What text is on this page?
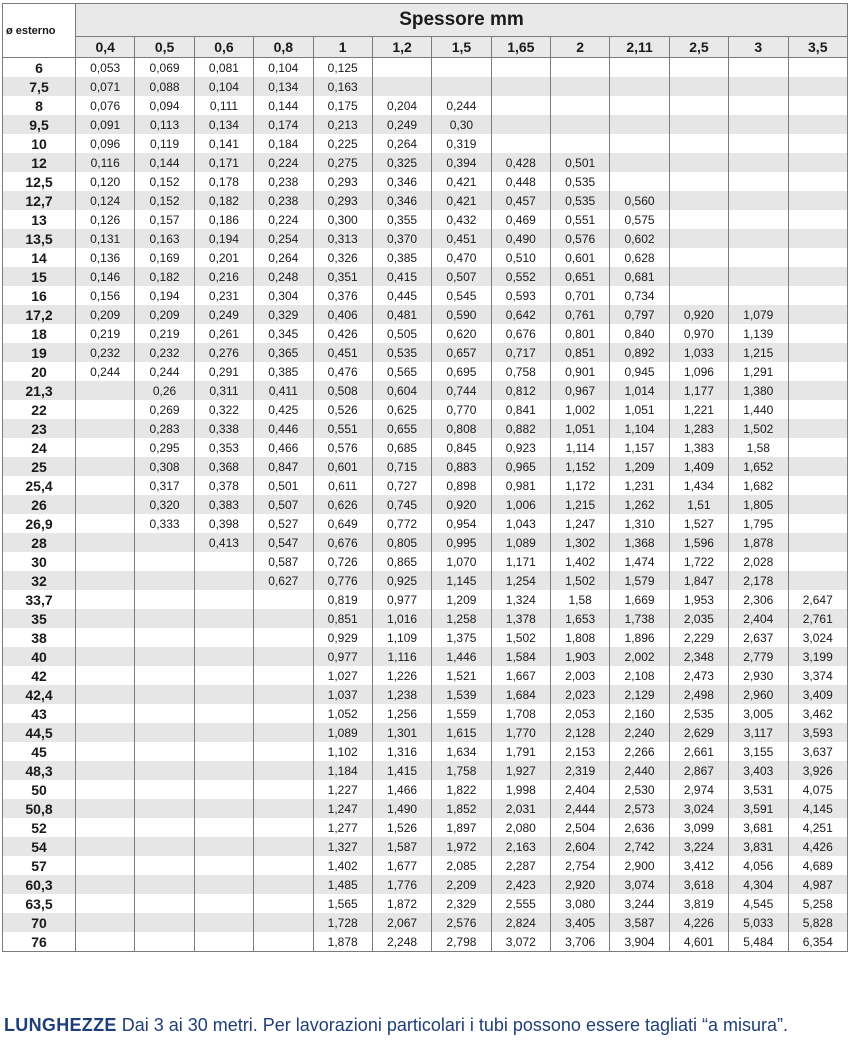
ø esterno	Spessore mm												
	0,4	0,5	0,6	0,8	1	1,2	1,5	1,65	2	2,11	2,5	3	3,5
6	0,053	0,069	0,081	0,104	0,125								
7,5	0,071	0,088	0,104	0,134	0,163								
8	0,076	0,094	0,111	0,144	0,175	0,204	0,244						
9,5	0,091	0,113	0,134	0,174	0,213	0,249	0,30						
10	0,096	0,119	0,141	0,184	0,225	0,264	0,319						
12	0,116	0,144	0,171	0,224	0,275	0,325	0,394	0,428	0,501				
12,5	0,120	0,152	0,178	0,238	0,293	0,346	0,421	0,448	0,535				
12,7	0,124	0,152	0,182	0,238	0,293	0,346	0,421	0,457	0,535	0,560			
13	0,126	0,157	0,186	0,224	0,300	0,355	0,432	0,469	0,551	0,575			
13,5	0,131	0,163	0,194	0,254	0,313	0,370	0,451	0,490	0,576	0,602			
14	0,136	0,169	0,201	0,264	0,326	0,385	0,470	0,510	0,601	0,628			
15	0,146	0,182	0,216	0,248	0,351	0,415	0,507	0,552	0,651	0,681			
16	0,156	0,194	0,231	0,304	0,376	0,445	0,545	0,593	0,701	0,734			
17,2	0,209	0,209	0,249	0,329	0,406	0,481	0,590	0,642	0,761	0,797	0,920	1,079	
18	0,219	0,219	0,261	0,345	0,426	0,505	0,620	0,676	0,801	0,840	0,970	1,139	
19	0,232	0,232	0,276	0,365	0,451	0,535	0,657	0,717	0,851	0,892	1,033	1,215	
20	0,244	0,244	0,291	0,385	0,476	0,565	0,695	0,758	0,901	0,945	1,096	1,291	
21,3		0,26	0,311	0,411	0,508	0,604	0,744	0,812	0,967	1,014	1,177	1,380	
22		0,269	0,322	0,425	0,526	0,625	0,770	0,841	1,002	1,051	1,221	1,440	
23		0,283	0,338	0,446	0,551	0,655	0,808	0,882	1,051	1,104	1,283	1,502	
24		0,295	0,353	0,466	0,576	0,685	0,845	0,923	1,114	1,157	1,383	1,58	
25		0,308	0,368	0,847	0,601	0,715	0,883	0,965	1,152	1,209	1,409	1,652	
25,4		0,317	0,378	0,501	0,611	0,727	0,898	0,981	1,172	1,231	1,434	1,682	
26		0,320	0,383	0,507	0,626	0,745	0,920	1,006	1,215	1,262	1,51	1,805	
26,9		0,333	0,398	0,527	0,649	0,772	0,954	1,043	1,247	1,310	1,527	1,795	
28			0,413	0,547	0,676	0,805	0,995	1,089	1,302	1,368	1,596	1,878	
30				0,587	0,726	0,865	1,070	1,171	1,402	1,474	1,722	2,028	
32				0,627	0,776	0,925	1,145	1,254	1,502	1,579	1,847	2,178	
33,7					0,819	0,977	1,209	1,324	1,58	1,669	1,953	2,306	2,647
35					0,851	1,016	1,258	1,378	1,653	1,738	2,035	2,404	2,761
38					0,929	1,109	1,375	1,502	1,808	1,896	2,229	2,637	3,024
40					0,977	1,116	1,446	1,584	1,903	2,002	2,348	2,779	3,199
42					1,027	1,226	1,521	1,667	2,003	2,108	2,473	2,930	3,374
42,4					1,037	1,238	1,539	1,684	2,023	2,129	2,498	2,960	3,409
43					1,052	1,256	1,559	1,708	2,053	2,160	2,535	3,005	3,462
44,5					1,089	1,301	1,615	1,770	2,128	2,240	2,629	3,117	3,593
45					1,102	1,316	1,634	1,791	2,153	2,266	2,661	3,155	3,637
48,3					1,184	1,415	1,758	1,927	2,319	2,440	2,867	3,403	3,926
50					1,227	1,466	1,822	1,998	2,404	2,530	2,974	3,531	4,075
50,8					1,247	1,490	1,852	2,031	2,444	2,573	3,024	3,591	4,145
52					1,277	1,526	1,897	2,080	2,504	2,636	3,099	3,681	4,251
54					1,327	1,587	1,972	2,163	2,604	2,742	3,224	3,831	4,426
57					1,402	1,677	2,085	2,287	2,754	2,900	3,412	4,056	4,689
60,3					1,485	1,776	2,209	2,423	2,920	3,074	3,618	4,304	4,987
63,5					1,565	1,872	2,329	2,555	3,080	3,244	3,819	4,545	5,258
70					1,728	2,067	2,576	2,824	3,405	3,587	4,226	5,033	5,828
76					1,878	2,248	2,798	3,072	3,706	3,904	4,601	5,484	6,354
LUNGHEZZE Dai 3 ai 30 metri. Per lavorazioni particolari i tubi possono essere tagliati “a misura”.
